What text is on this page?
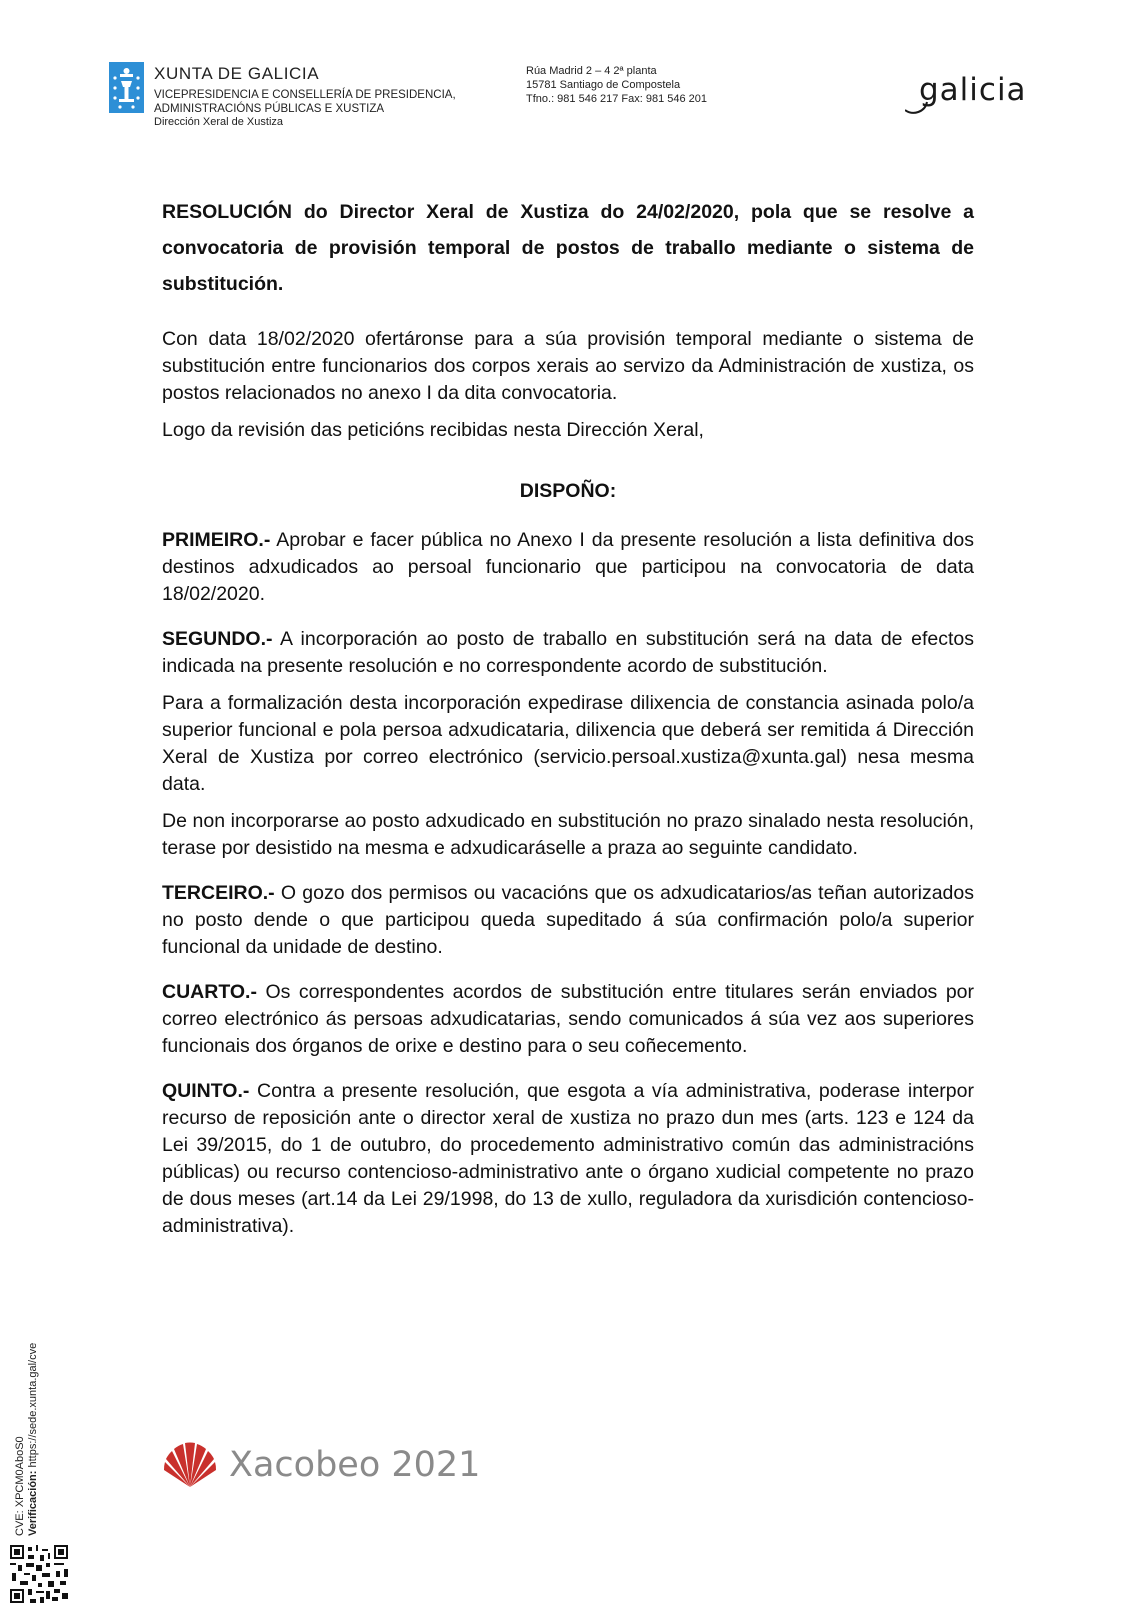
XUNTA DE GALICIA
VICEPRESIDENCIA E CONSELLERÍA DE PRESIDENCIA,
ADMINISTRACIÓNS PÚBLICAS E XUSTIZA
Dirección Xeral de Xustiza
Rúa Madrid 2 – 4 2ª planta
15781 Santiago de Compostela
Tfno.: 981 546 217 Fax: 981 546 201	galicia
RESOLUCIÓN do Director Xeral de Xustiza do 24/02/2020, pola que se resolve a convocatoria de provisión temporal de postos de traballo mediante o sistema de substitución.

Con data 18/02/2020 ofertáronse para a súa provisión temporal mediante o sistema de substitución entre funcionarios dos corpos xerais ao servizo da Administración de xustiza, os postos relacionados no anexo I da dita convocatoria.

Logo da revisión das peticións recibidas nesta Dirección Xeral,

DISPOÑO:

PRIMEIRO.- Aprobar e facer pública no Anexo I da presente resolución a lista definitiva dos destinos adxudicados ao persoal funcionario que participou na convocatoria de data 18/02/2020.

SEGUNDO.- A incorporación ao posto de traballo en substitución será na data de efectos indicada na presente resolución e no correspondente acordo de substitución.

Para a formalización desta incorporación expedirase dilixencia de constancia asinada polo/a superior funcional e pola persoa adxudicataria, dilixencia que deberá ser remitida á Dirección Xeral de Xustiza por correo electrónico (servicio.persoal.xustiza@xunta.gal) nesa mesma data.

De non incorporarse ao posto adxudicado en substitución no prazo sinalado nesta resolución, terase por desistido na mesma e adxudicaráselle a praza ao seguinte candidato.

TERCEIRO.- O gozo dos permisos ou vacacións que os adxudicatarios/as teñan autorizados no posto dende o que participou queda supeditado á súa confirmación polo/a superior funcional da unidade de destino.

CUARTO.- Os correspondentes acordos de substitución entre titulares serán enviados por correo electrónico ás persoas adxudicatarias, sendo comunicados á súa vez aos superiores funcionais dos órganos de orixe e destino para o seu coñecemento.

QUINTO.- Contra a presente resolución, que esgota a vía administrativa, poderase interpor recurso de reposición ante o director xeral de xustiza no prazo dun mes (arts. 123 e 124 da Lei 39/2015, do 1 de outubro, do procedemento administrativo común das administracións públicas) ou recurso contencioso-administrativo ante o órgano xudicial competente no prazo de dous meses (art.14 da Lei 29/1998, do 13 de xullo, reguladora da xurisdición contencioso-administrativa).

Xacobeo 2021
CVE: XPCM0AboS0 Verificación: https://sede.xunta.gal/cve
